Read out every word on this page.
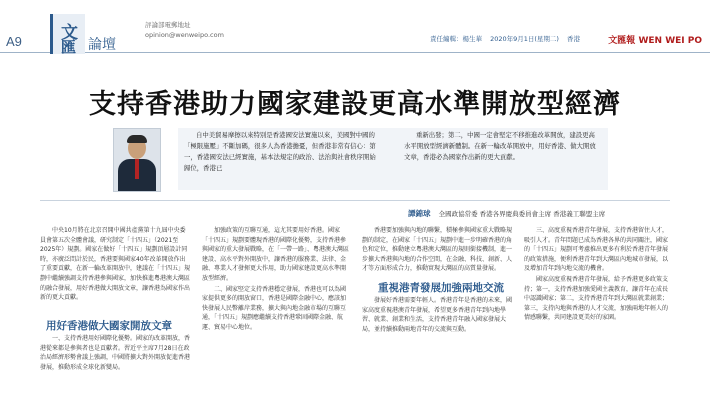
A9 文
匯 論壇
評論部電郵地址
opinion@wenweipo.com	責任編輯：楊生華 2020年9月1日(星期二) 香港	文匯報 WEN WEI PO
支持香港助力國家建設更高水準開放型經濟

自中美貿易摩擦以來特別是香港國安法實施以來，美國對中國的「極限施壓」不斷加碼，很多人為香港擔憂，但香港非常有信心：第一，香港國安法已經實施，基本法規定的政治、法治與社會秩序開始歸位，香港已

重新出發；第二，中國一定會堅定不移推進改革開放，建設更高水平開放型經濟新體制。在新一輪改革開放中，用好香港、做大開放文章，香港必為國家作出新的更大貢獻。

譚錦球 全國政協常委 香港各界慶典委員會主席 香港義工聯盟主席

中央10月將在北京召開中國共產黨第十九屆中央委員會第五次全體會議，研究制定「十四五」（2021至2025年）規劃。國家在做好「十四五」規劃頂層設計同時，亦廣泛問計於民，香港要與國家40年改革開放作出了重要貢獻，在新一輪改革開放中，建議在「十四五」規劃中繼續強調支持香港參與國家，加快推進粵港澳大灣區的融合發展，用好香港做大開放文章，讓香港為國家作出新的更大貢獻。

用好香港做大國家開放文章

一、支持香港用好國際化優勢。國家的改革開放，香港從來都是參與者也是貢獻者。習近平主席7月28日在政治局經濟形勢會議上強調，中國將擴大對外開放促進香港發展，推動形成全球化新變局。

加強政策的互聯互通，這尤其要用好香港。國家「十四五」規劃要體現香港的國際化優勢，支持香港參與國家的重大發展戰略，在「一帶一路」、粵港澳大灣區建設、高水平對外開放中，讓香港的服務業、法律、金融、專業人才發揮更大作用，助力國家建設更高水準開放型經濟。

二、國家堅定支持香港穩定發展，香港也可以為國家提供更多的開放窗口，香港是國際金融中心，應該加快發展人民幣離岸業務，擴大與內地金融市場的互聯互通，「十四五」規劃應繼續支持香港鞏固國際金融、航運、貿易中心地位。

香港要加強與內地的聯繫，積極參與國家重大戰略規劃的制定，在國家「十四五」規劃中進一步明確香港的角色和定位，推動建立粵港澳大灣區的規則銜接機制，進一步擴大香港與內地的合作空間，在金融、科技、創新、人才等方面形成合力，推動實現大灣區的高質量發展。

重視港青發展加強兩地交流

發展好香港需要年輕人。香港青年是香港的未來，國家高度重視港澳青年發展，希望更多香港青年到內地學習、就業、創業和生活，支持香港青年融入國家發展大局，並持續推動兩地青年的交流與互動。

三、高度重視香港青年發展，支持香港留住人才，吸引人才。青年問題已成為香港各界的共同關注，國家的「十四五」規劃可考慮推出更多有利於香港青年發展的政策措施，便利香港青年到大灣區內地城市發展，以及增加青年到內地交流的機會。

國家高度重視香港青年發展，給予香港更多政策支持；第一，支持香港加強愛國主義教育，讓青年在成長中認識國家；第二，支持香港青年到大灣區就業創業；第三，支持內地與香港的人才交流，加強兩地年輕人的情感聯繫，共同建設更美好的家園。
